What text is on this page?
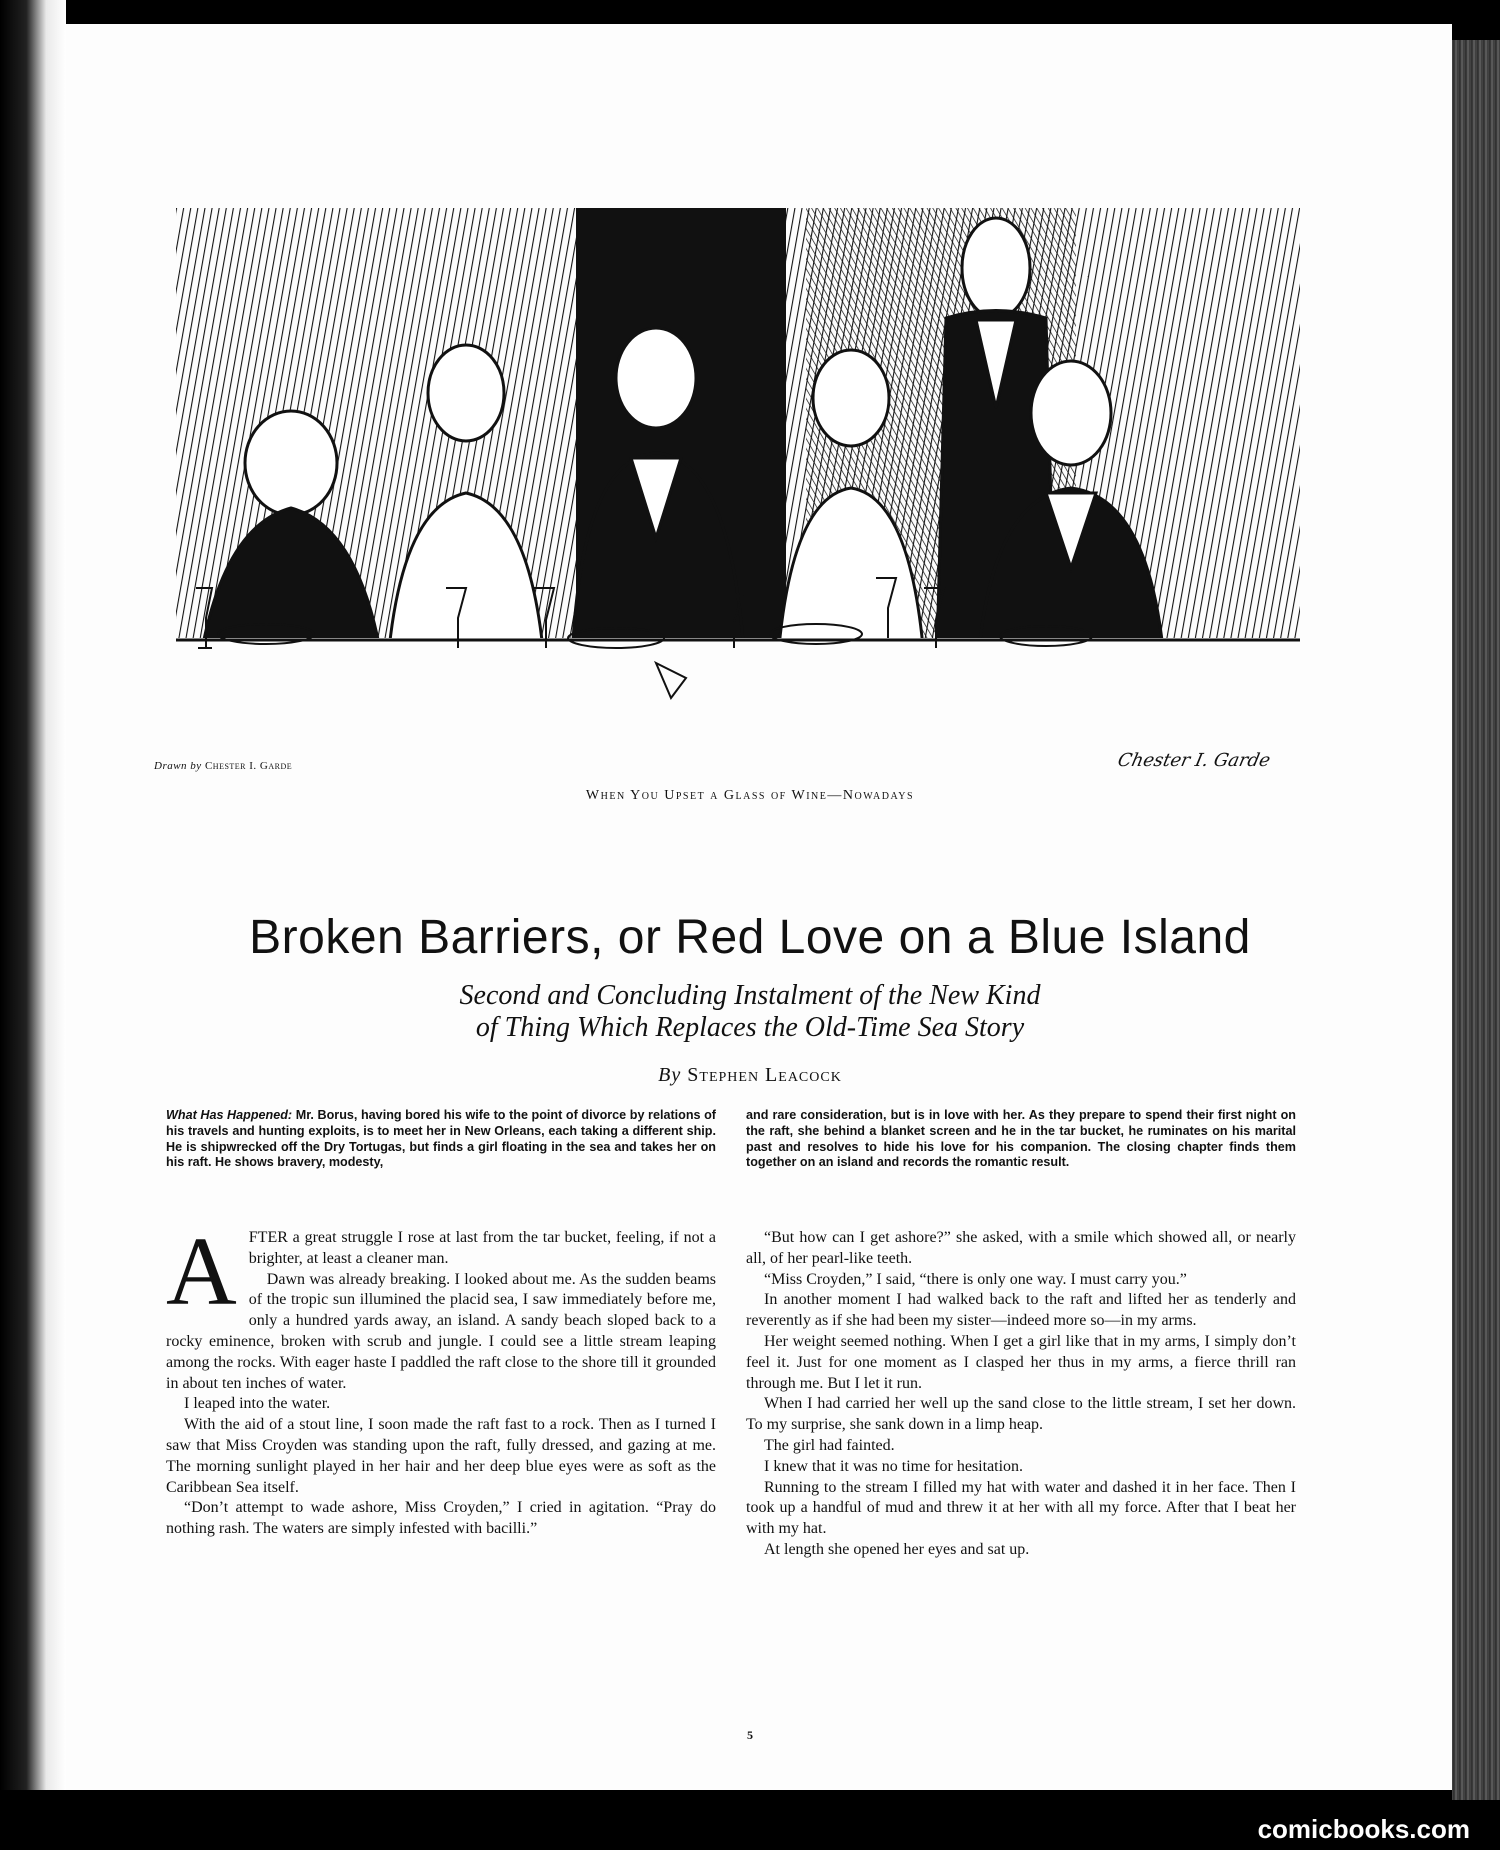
Drawn by Chester I. Garde	Chester I. Garde
When You Upset a Glass of Wine—Nowadays
Broken Barriers, or Red Love on a Blue Island
Second and Concluding Instalment of the New Kind
of Thing Which Replaces the Old-Time Sea Story
By Stephen Leacock

What Has Happened: Mr. Borus, having bored his wife to the point of divorce by relations of his travels and hunting exploits, is to meet her in New Orleans, each taking a different ship. He is shipwrecked off the Dry Tortugas, but finds a girl floating in the sea and takes her on his raft. He shows bravery, modesty,

and rare consideration, but is in love with her. As they prepare to spend their first night on the raft, she behind a blanket screen and he in the tar bucket, he ruminates on his marital past and resolves to hide his love for his companion. The closing chapter finds them together on an island and records the romantic result.

A FTER a great struggle I rose at last from the tar bucket, feeling, if not a brighter, at least a cleaner man.

Dawn was already breaking. I looked about me. As the sudden beams of the tropic sun illumined the placid sea, I saw immediately before me, only a hundred yards away, an island. A sandy beach sloped back to a rocky eminence, broken with scrub and jungle. I could see a little stream leaping among the rocks. With eager haste I paddled the raft close to the shore till it grounded in about ten inches of water.

I leaped into the water.

With the aid of a stout line, I soon made the raft fast to a rock. Then as I turned I saw that Miss Croyden was standing upon the raft, fully dressed, and gazing at me. The morning sunlight played in her hair and her deep blue eyes were as soft as the Caribbean Sea itself.

“Don’t attempt to wade ashore, Miss Croyden,” I cried in agitation. “Pray do nothing rash. The waters are simply infested with bacilli.”

“But how can I get ashore?” she asked, with a smile which showed all, or nearly all, of her pearl-like teeth.

“Miss Croyden,” I said, “there is only one way. I must carry you.”

In another moment I had walked back to the raft and lifted her as tenderly and reverently as if she had been my sister—indeed more so—in my arms.

Her weight seemed nothing. When I get a girl like that in my arms, I simply don’t feel it. Just for one moment as I clasped her thus in my arms, a fierce thrill ran through me. But I let it run.

When I had carried her well up the sand close to the little stream, I set her down. To my surprise, she sank down in a limp heap.

The girl had fainted.

I knew that it was no time for hesitation.

Running to the stream I filled my hat with water and dashed it in her face. Then I took up a handful of mud and threw it at her with all my force. After that I beat her with my hat.

At length she opened her eyes and sat up.

5
comicbooks.com
